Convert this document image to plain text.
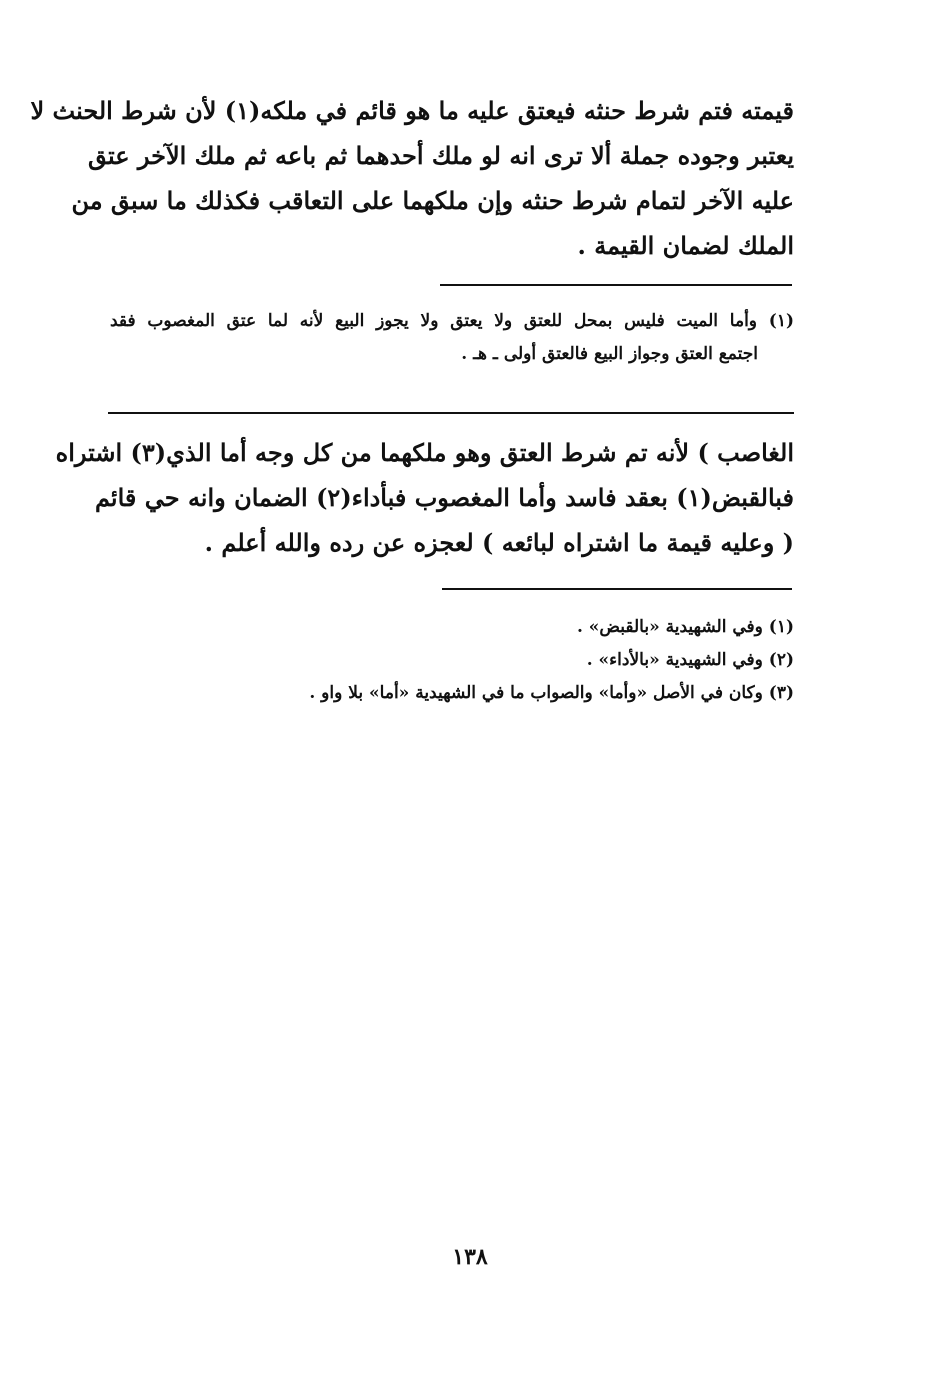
قيمته فتم شرط حنثه فيعتق عليه ما هو قائم في ملكه(١) لأن شرط الحنث لا
يعتبر وجوده جملة ألا ترى انه لو ملك أحدهما ثم باعه ثم ملك الآخر عتق
عليه الآخر لتمام شرط حنثه وإن ملكهما على التعاقب فكذلك ما سبق من
الملك لضمان القيمة .
(١) وأما الميت فليس بمحل للعتق ولا يعتق ولا يجوز البيع لأنه لما عتق المغصوب فقد
اجتمع العتق وجواز البيع فالعتق أولى ـ هـ .
الغاصب ) لأنه تم شرط العتق وهو ملكهما من كل وجه أما الذي(٣) اشتراه
فبالقبض(١) بعقد فاسد وأما المغصوب فبأداء(٢) الضمان وانه حي قائم
( وعليه قيمة ما اشتراه لبائعه ) لعجزه عن رده والله أعلم .
(١) وفي الشهيدية «بالقبض» .
(٢) وفي الشهيدية «بالأداء» .
(٣) وكان في الأصل «وأما» والصواب ما في الشهيدية «أما» بلا واو .
١٣٨
